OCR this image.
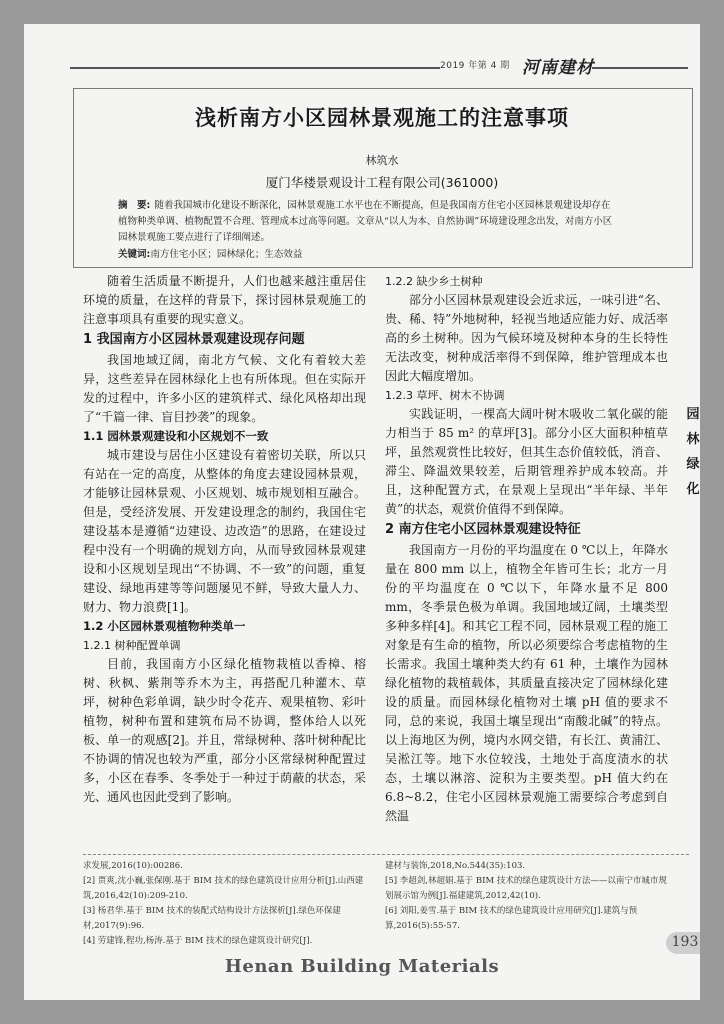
2019 年第 4 期 河南建材
浅析南方小区园林景观施工的注意事项
林筑水
厦门华楼景观设计工程有限公司(361000)
摘　要: 随着我国城市化建设不断深化，园林景观施工水平也在不断提高，但是我国南方住宅小区园林景观建设却存在植物种类单调、植物配置不合理、管理成本过高等问题。文章从“以人为本、自然协调”环境建设理念出发，对南方小区园林景观施工要点进行了详细阐述。
关键词:南方住宅小区；园林绿化；生态效益

随着生活质量不断提升，人们也越来越注重居住环境的质量，在这样的背景下，探讨园林景观施工的注意事项具有重要的现实意义。

1 我国南方小区园林景观建设现存问题

我国地域辽阔，南北方气候、文化有着较大差异，这些差异在园林绿化上也有所体现。但在实际开发的过程中，许多小区的建筑样式、绿化风格却出现了“千篇一律、盲目抄袭”的现象。

1.1 园林景观建设和小区规划不一致

城市建设与居住小区建设有着密切关联，所以只有站在一定的高度，从整体的角度去建设园林景观，才能够让园林景观、小区规划、城市规划相互融合。但是，受经济发展、开发建设理念的制约，我国住宅建设基本是遵循“边建设、边改造”的思路，在建设过程中没有一个明确的规划方向，从而导致园林景观建设和小区规划呈现出“不协调、不一致”的问题，重复建设、绿地再建等等问题屡见不鲜，导致大量人力、财力、物力浪费[1]。

1.2 小区园林景观植物种类单一
1.2.1 树种配置单调

目前，我国南方小区绿化植物栽植以香樟、榕树、秋枫、紫荆等乔木为主，再搭配几种灌木、草坪，树种色彩单调，缺少时令花卉、观果植物、彩叶植物，树种布置和建筑布局不协调，整体给人以死板、单一的观感[2]。并且，常绿树种、落叶树种配比不协调的情况也较为严重，部分小区常绿树种配置过多，小区在春季、冬季处于一种过于荫蔽的状态，采光、通风也因此受到了影响。

1.2.2 缺少乡土树种

部分小区园林景观建设会近求远，一味引进“名、贵、稀、特”外地树种，轻视当地适应能力好、成活率高的乡土树种。因为气候环境及树种本身的生长特性无法改变，树种成活率得不到保障，维护管理成本也因此大幅度增加。

1.2.3 草坪、树木不协调

实践证明，一棵高大阔叶树木吸收二氧化碳的能力相当于 85 m² 的草坪[3]。部分小区大面积种植草坪，虽然观赏性比较好，但其生态价值较低，消音、滞尘、降温效果较差，后期管理养护成本较高。并且，这种配置方式，在景观上呈现出“半年绿、半年黄”的状态，观赏价值得不到保障。

2 南方住宅小区园林景观建设特征

我国南方一月份的平均温度在 0 ℃以上，年降水量在 800 mm 以上，植物全年皆可生长；北方一月份的平均温度在 0 ℃以下，年降水量不足 800 mm，冬季景色极为单调。我国地域辽阔，土壤类型多种多样[4]。和其它工程不同，园林景观工程的施工对象是有生命的植物，所以必须要综合考虑植物的生长需求。我国土壤种类大约有 61 种，土壤作为园林绿化植物的栽植载体，其质量直接决定了园林绿化建设的质量。而园林绿化植物对土壤 pH 值的要求不同，总的来说，我国土壤呈现出“南酸北碱”的特点。以上海地区为例，境内水网交错，有长江、黄浦江、吴淞江等。地下水位较浅，土地处于高度渍水的状态，土壤以淋溶、淀积为主要类型。pH 值大约在 6.8~8.2，住宅小区园林景观施工需要综合考虑到自然温

园
林
绿
化
求发展,2016(10):00286.
[2] 贾爽,沈小巍,张保刚.基于 BIM 技术的绿色建筑设计应用分析[J].山西建筑,2016,42(10):209-210.
[3] 杨君华.基于 BIM 技术的装配式结构设计方法探析[J].绿色环保建材,2017(9):96.
[4] 劳建锋,程功,杨涛.基于 BIM 技术的绿色建筑设计研究[J].
建材与装饰,2018,No.544(35):103.
[5] 李超剑,林超娟.基于 BIM 技术的绿色建筑设计方法——以南宁市城市规划展示馆为例[J].福建建筑,2012,42(10).
[6] 刘阳,姜雪.基于 BIM 技术的绿色建筑设计应用研究[J].建筑与预算,2016(5):55-57.
193
Henan Building Materials
